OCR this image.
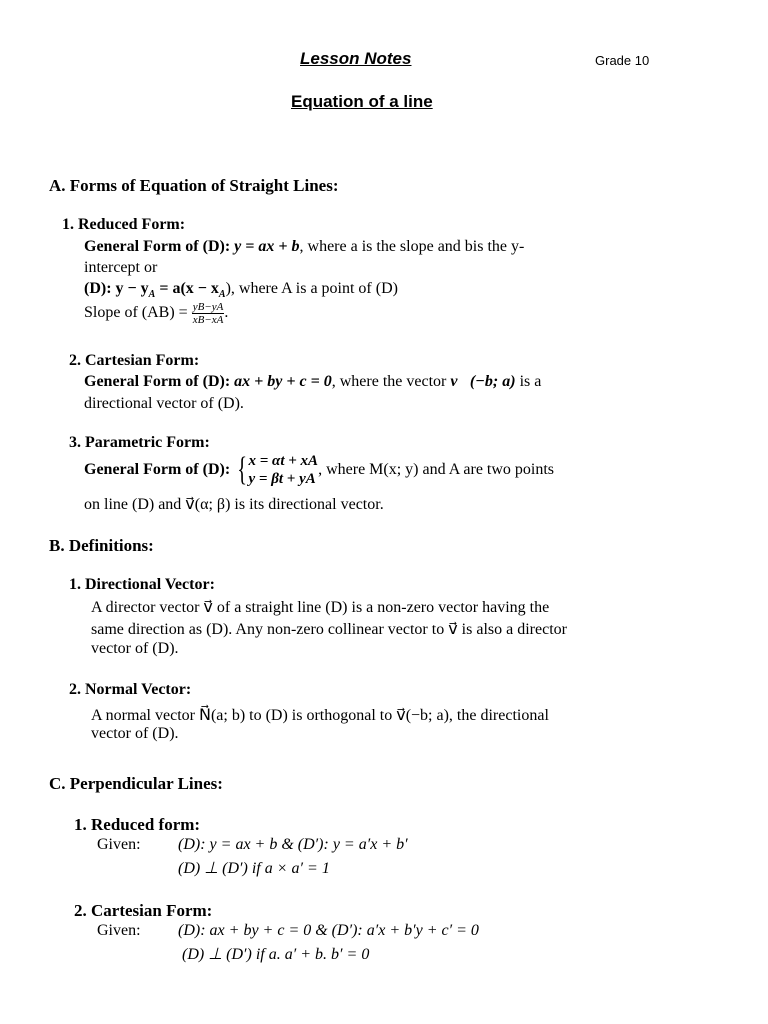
Lesson Notes	Grade 10
Equation of a line
A. Forms of Equation of Straight Lines:
1. Reduced Form:
General Form of (D): y = ax + b, where a is the slope and bis the y-
intercept or
(D): $y - y_A = a(x - x_A)$, where A is a point of (D)
Slope of $(AB) = \frac{yB-yA}{xB-xA}$ .
2. Cartesian Form:
General Form of (D): ax + by + c = 0, where the vector v⃗(−b; a) is a
directional vector of (D).
3. Parametric Form:
General Form of (D): { x = αt + xA
y = βt + yA
, where M(x; y) and A are two points
on line (D) and v⃗(α; β) is its directional vector.
B. Definitions:
1. Directional Vector:
A director vector v⃗ of a straight line (D) is a non-zero vector having the
same direction as (D). Any non-zero collinear vector to v⃗ is also a director
vector of (D).
2. Normal Vector:
A normal vector N⃗(a; b) to (D) is orthogonal to v⃗(−b; a), the directional
vector of (D).
C. Perpendicular Lines:
1. Reduced form:
Given: (D): y = ax + b & (D′): y = a′x + b′
(D) ⊥ (D′) if a × a′ = 1
2. Cartesian Form:
Given: (D): ax + by + c = 0 & (D′): a′x + b′y + c′ = 0
(D) ⊥ (D′) if a. a′ + b. b′ = 0
